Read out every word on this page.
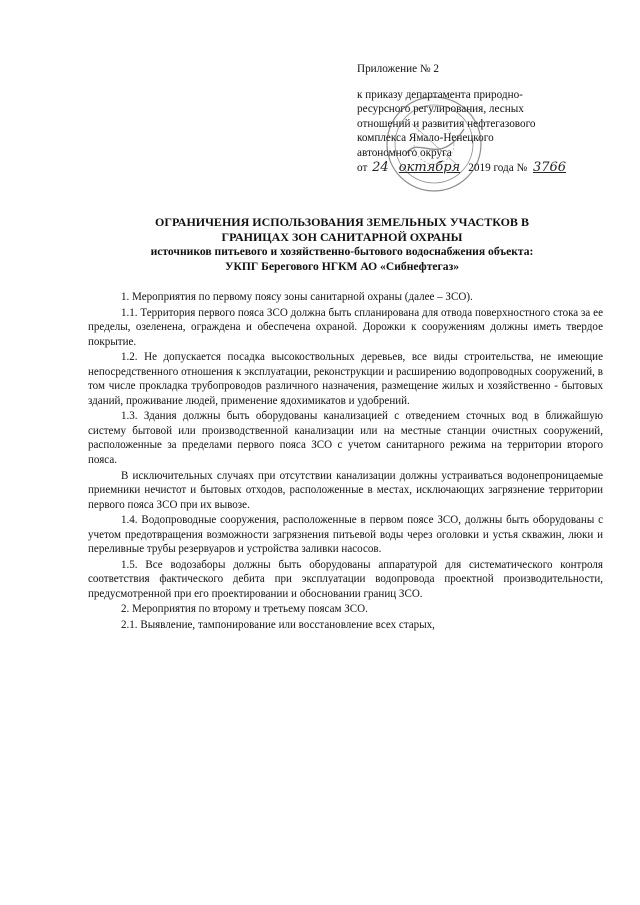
Приложение № 2
к приказу департамента природно-
ресурсного регулирования, лесных
отношений и развития нефтегазового
комплекса Ямало-Ненецкого
автономного округа
от 24 октября 2019 года № 3766
ОГРАНИЧЕНИЯ ИСПОЛЬЗОВАНИЯ ЗЕМЕЛЬНЫХ УЧАСТКОВ В
ГРАНИЦАХ ЗОН САНИТАРНОЙ ОХРАНЫ
источников питьевого и хозяйственно-бытового водоснабжения объекта:
УКПГ Берегового НГКМ АО «Сибнефтегаз»

1. Мероприятия по первому поясу зоны санитарной охраны (далее – ЗСО).

1.1. Территория первого пояса ЗСО должна быть спланирована для отвода поверхностного стока за ее пределы, озеленена, ограждена и обеспечена охраной. Дорожки к сооружениям должны иметь твердое покрытие.

1.2. Не допускается посадка высокоствольных деревьев, все виды строительства, не имеющие непосредственного отношения к эксплуатации, реконструкции и расширению водопроводных сооружений, в том числе прокладка трубопроводов различного назначения, размещение жилых и хозяйственно - бытовых зданий, проживание людей, применение ядохимикатов и удобрений.

1.3. Здания должны быть оборудованы канализацией с отведением сточных вод в ближайшую систему бытовой или производственной канализации или на местные станции очистных сооружений, расположенные за пределами первого пояса ЗСО с учетом санитарного режима на территории второго пояса.

В исключительных случаях при отсутствии канализации должны устраиваться водонепроницаемые приемники нечистот и бытовых отходов, расположенные в местах, исключающих загрязнение территории первого пояса ЗСО при их вывозе.

1.4. Водопроводные сооружения, расположенные в первом поясе ЗСО, должны быть оборудованы с учетом предотвращения возможности загрязнения питьевой воды через оголовки и устья скважин, люки и переливные трубы резервуаров и устройства заливки насосов.

1.5. Все водозаборы должны быть оборудованы аппаратурой для систематического контроля соответствия фактического дебита при эксплуатации водопровода проектной производительности, предусмотренной при его проектировании и обосновании границ ЗСО.

2. Мероприятия по второму и третьему поясам ЗСО.

2.1. Выявление, тампонирование или восстановление всех старых,
